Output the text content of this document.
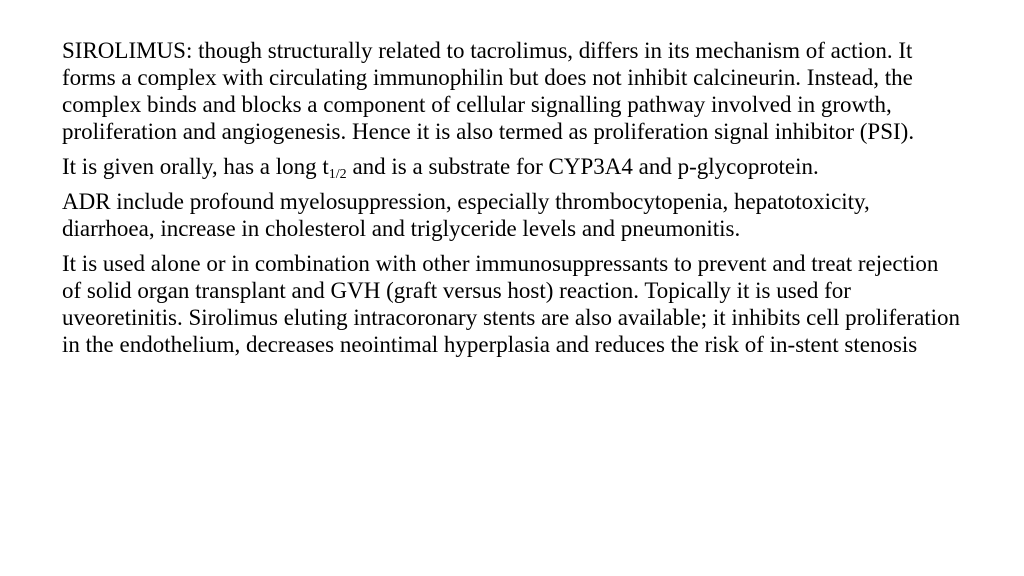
SIROLIMUS: though structurally related to tacrolimus, differs in its mechanism of action. It forms a complex with circulating immunophilin but does not inhibit calcineurin. Instead, the complex binds and blocks a component of cellular signalling pathway involved in growth, proliferation and angiogenesis. Hence it is also termed as proliferation signal inhibitor (PSI).

It is given orally, has a long $t_{1/2}$ and is a substrate for CYP3A4 and p-glycoprotein.

ADR include profound myelosuppression, especially thrombocytopenia, hepatotoxicity, diarrhoea, increase in cholesterol and triglyceride levels and pneumonitis.

It is used alone or in combination with other immunosuppressants to prevent and treat rejection of solid organ transplant and GVH (graft versus host) reaction. Topically it is used for uveoretinitis. Sirolimus eluting intracoronary stents are also available; it inhibits cell proliferation in the endothelium, decreases neointimal hyperplasia and reduces the risk of in-stent stenosis
